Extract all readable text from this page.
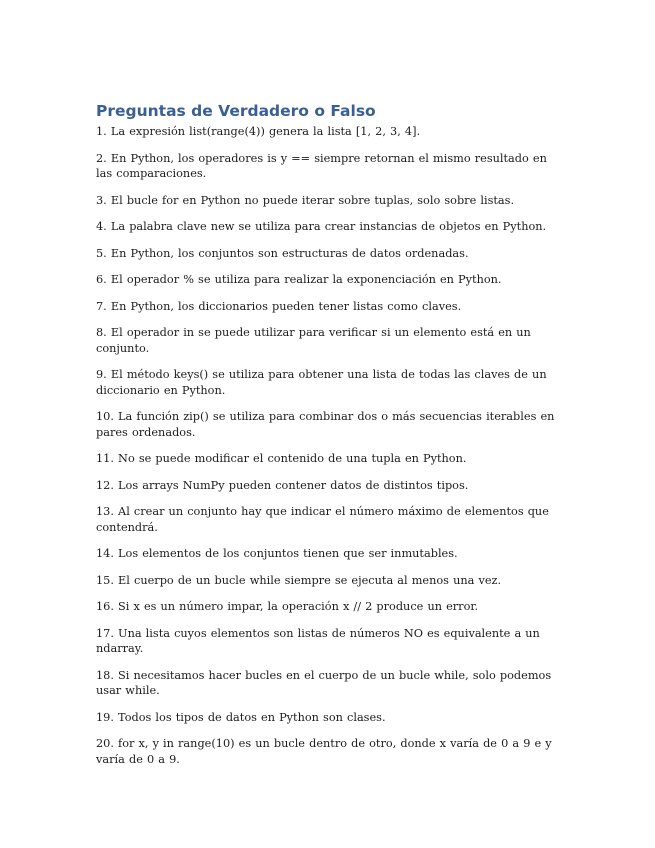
Preguntas de Verdadero o Falso
1. La expresión list(range(4)) genera la lista [1, 2, 3, 4].
2. En Python, los operadores is y == siempre retornan el mismo resultado en las comparaciones.
3. El bucle for en Python no puede iterar sobre tuplas, solo sobre listas.
4. La palabra clave new se utiliza para crear instancias de objetos en Python.
5. En Python, los conjuntos son estructuras de datos ordenadas.
6. El operador % se utiliza para realizar la exponenciación en Python.
7. En Python, los diccionarios pueden tener listas como claves.
8. El operador in se puede utilizar para verificar si un elemento está en un conjunto.
9. El método keys() se utiliza para obtener una lista de todas las claves de un diccionario en Python.
10. La función zip() se utiliza para combinar dos o más secuencias iterables en pares ordenados.
11. No se puede modificar el contenido de una tupla en Python.
12. Los arrays NumPy pueden contener datos de distintos tipos.
13. Al crear un conjunto hay que indicar el número máximo de elementos que contendrá.
14. Los elementos de los conjuntos tienen que ser inmutables.
15. El cuerpo de un bucle while siempre se ejecuta al menos una vez.
16. Si x es un número impar, la operación x // 2 produce un error.
17. Una lista cuyos elementos son listas de números NO es equivalente a un ndarray.
18. Si necesitamos hacer bucles en el cuerpo de un bucle while, solo podemos usar while.
19. Todos los tipos de datos en Python son clases.
20. for x, y in range(10) es un bucle dentro de otro, donde x varía de 0 a 9 e y varía de 0 a 9.
